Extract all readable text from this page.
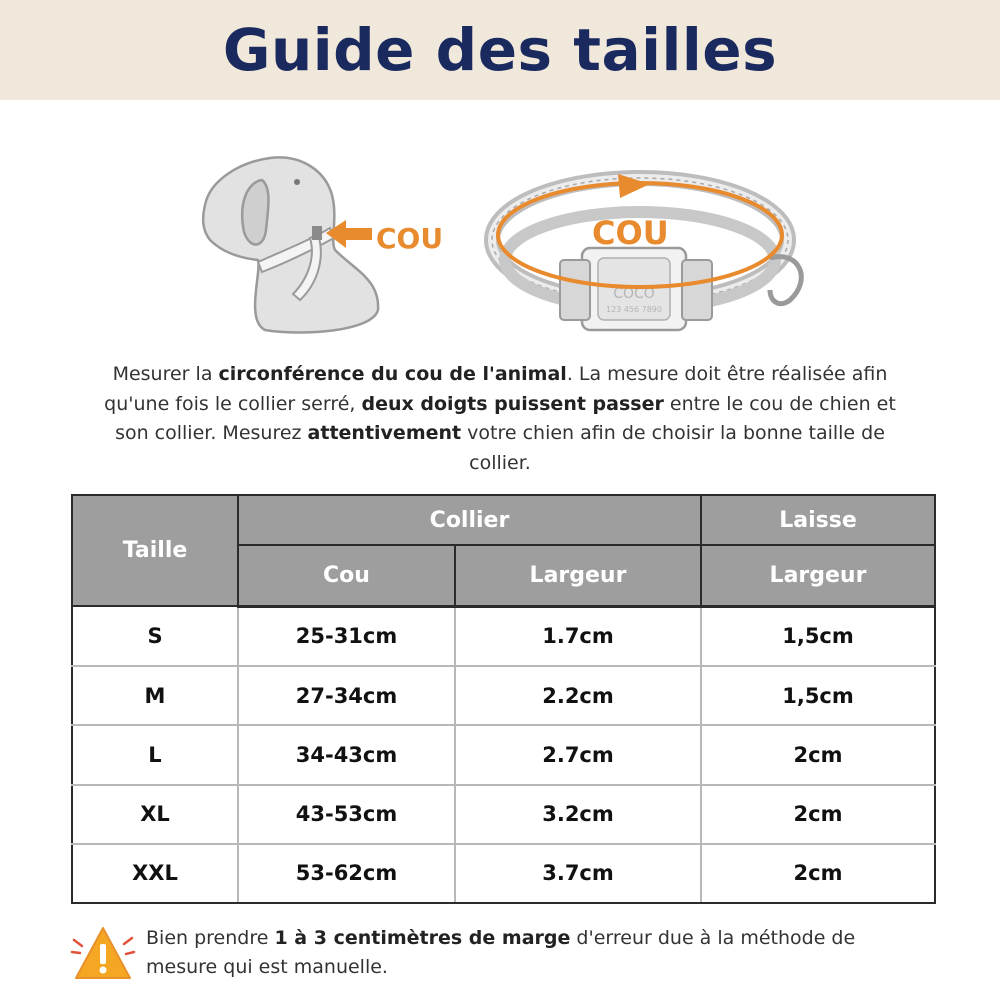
Guide des tailles
COU
COCO
123 456 7890
COU
Mesurer la circonférence du cou de l'animal. La mesure doit être réalisée afin qu'une fois le collier serré, deux doigts puissent passer entre le cou de chien et son collier. Mesurez attentivement votre chien afin de choisir la bonne taille de collier.
Taille	Collier		Laisse
	Cou	Largeur	Largeur
S	25-31cm	1.7cm	1,5cm
M	27-34cm	2.2cm	1,5cm
L	34-43cm	2.7cm	2cm
XL	43-53cm	3.2cm	2cm
XXL	53-62cm	3.7cm	2cm
Bien prendre 1 à 3 centimètres de marge d'erreur due à la méthode de mesure qui est manuelle.
